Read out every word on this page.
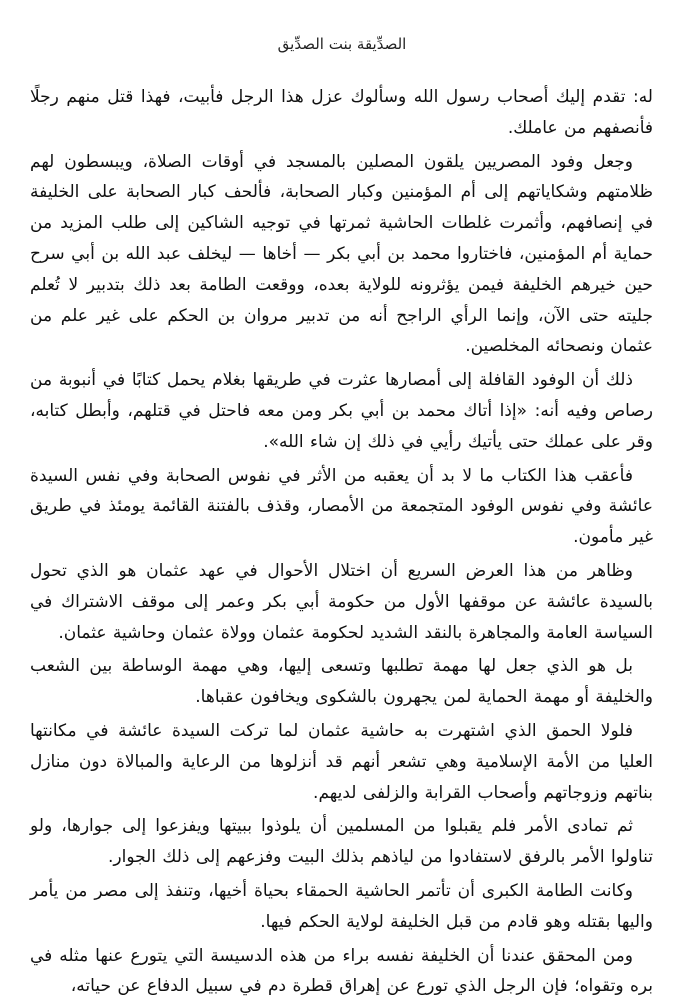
الصدِّيقة بنت الصدِّيق

له: تقدم إليك أصحاب رسول الله وسألوك عزل هذا الرجل فأبيت، فهذا قتل منهم رجلًا فأنصفهم من عاملك.

وجعل وفود المصريين يلقون المصلين بالمسجد في أوقات الصلاة، ويبسطون لهم ظلامتهم وشكاياتهم إلى أم المؤمنين وكبار الصحابة، فألحف كبار الصحابة على الخليفة في إنصافهم، وأثمرت غلطات الحاشية ثمرتها في توجيه الشاكين إلى طلب المزيد من حماية أم المؤمنين، فاختاروا محمد بن أبي بكر — أخاها — ليخلف عبد الله بن أبي سرح حين خيرهم الخليفة فيمن يؤثرونه للولاية بعده، ووقعت الطامة بعد ذلك بتدبير لا تُعلم جليته حتى الآن، وإنما الرأي الراجح أنه من تدبير مروان بن الحكم على غير علم من عثمان ونصحائه المخلصين.

ذلك أن الوفود القافلة إلى أمصارها عثرت في طريقها بغلام يحمل كتابًا في أنبوبة من رصاص وفيه أنه: «إذا أتاك محمد بن أبي بكر ومن معه فاحتل في قتلهم، وأبطل كتابه، وقر على عملك حتى يأتيك رأيي في ذلك إن شاء الله».

فأعقب هذا الكتاب ما لا بد أن يعقبه من الأثر في نفوس الصحابة وفي نفس السيدة عائشة وفي نفوس الوفود المتجمعة من الأمصار، وقذف بالفتنة القائمة يومئذ في طريق غير مأمون.

وظاهر من هذا العرض السريع أن اختلال الأحوال في عهد عثمان هو الذي تحول بالسيدة عائشة عن موقفها الأول من حكومة أبي بكر وعمر إلى موقف الاشتراك في السياسة العامة والمجاهرة بالنقد الشديد لحكومة عثمان وولاة عثمان وحاشية عثمان.

بل هو الذي جعل لها مهمة تطلبها وتسعى إليها، وهي مهمة الوساطة بين الشعب والخليفة أو مهمة الحماية لمن يجهرون بالشكوى ويخافون عقباها.

فلولا الحمق الذي اشتهرت به حاشية عثمان لما تركت السيدة عائشة في مكانتها العليا من الأمة الإسلامية وهي تشعر أنهم قد أنزلوها من الرعاية والمبالاة دون منازل بناتهم وزوجاتهم وأصحاب القرابة والزلفى لديهم.

ثم تمادى الأمر فلم يقبلوا من المسلمين أن يلوذوا ببيتها ويفزعوا إلى جوارها، ولو تناولوا الأمر بالرفق لاستفادوا من لياذهم بذلك البيت وفزعهم إلى ذلك الجوار.

وكانت الطامة الكبرى أن تأتمر الحاشية الحمقاء بحياة أخيها، وتنفذ إلى مصر من يأمر واليها بقتله وهو قادم من قبل الخليفة لولاية الحكم فيها.

ومن المحقق عندنا أن الخليفة نفسه براء من هذه الدسيسة التي يتورع عنها مثله في بره وتقواه؛ فإن الرجل الذي تورع عن إهراق قطرة دم في سبيل الدفاع عن حياته،
